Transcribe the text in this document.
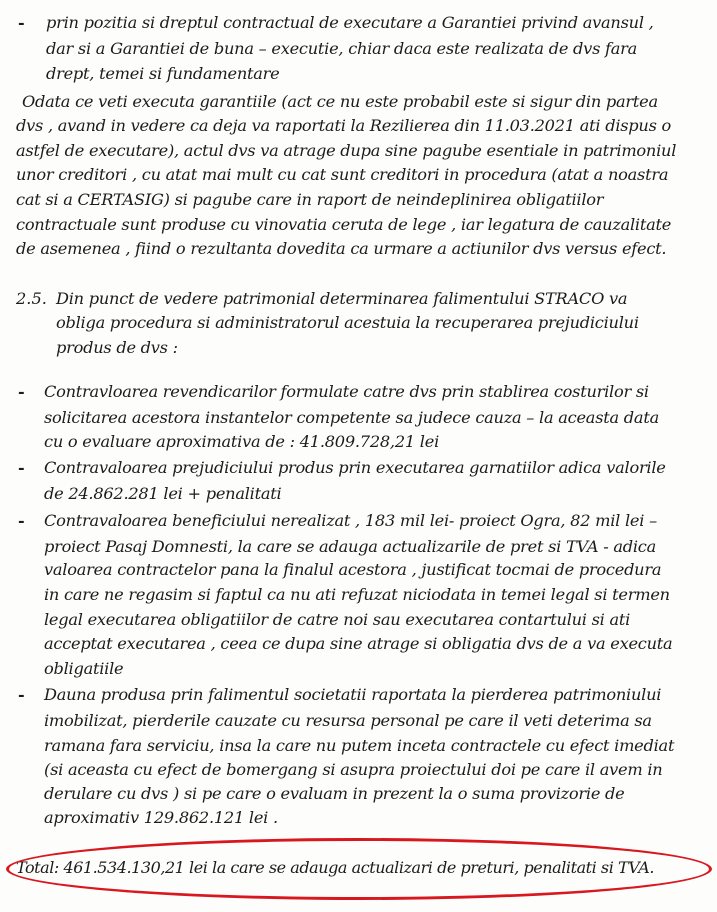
-
-
-
-
-
prin pozitia si dreptul contractual de executare a Garantiei privind avansul ,
dar si a Garantiei de buna – executie, chiar daca este realizata de dvs fara
drept, temei si fundamentare
Odata ce veti executa garantiile (act ce nu este probabil este si sigur din partea
dvs , avand in vedere ca deja va raportati la Rezilierea din 11.03.2021 ati dispus o
astfel de executare), actul dvs va atrage dupa sine pagube esentiale in patrimoniul
unor creditori , cu atat mai mult cu cat sunt creditori in procedura (atat a noastra
cat si a CERTASIG) si pagube care in raport de neindeplinirea obligatiilor
contractuale sunt produse cu vinovatia ceruta de lege , iar legatura de cauzalitate
de asemenea , fiind o rezultanta dovedita ca urmare a actiunilor dvs versus efect.
2.5. Din punct de vedere patrimonial determinarea falimentului STRACO va
obliga procedura si administratorul acestuia la recuperarea prejudiciului
produs de dvs :
Contravloarea revendicarilor formulate catre dvs prin stablirea costurilor si
solicitarea acestora instantelor competente sa judece cauza – la aceasta data
cu o evaluare aproximativa de : 41.809.728,21 lei
Contravaloarea prejudiciului produs prin executarea garnatiilor adica valorile
de 24.862.281 lei + penalitati
Contravaloarea beneficiului nerealizat , 183 mil lei- proiect Ogra, 82 mil lei –
proiect Pasaj Domnesti, la care se adauga actualizarile de pret si TVA - adica
valoarea contractelor pana la finalul acestora , justificat tocmai de procedura
in care ne regasim si faptul ca nu ati refuzat niciodata in temei legal si termen
legal executarea obligatiilor de catre noi sau executarea contartului si ati
acceptat executarea , ceea ce dupa sine atrage si obligatia dvs de a va executa
obligatiile
Dauna produsa prin falimentul societatii raportata la pierderea patrimoniului
imobilizat, pierderile cauzate cu resursa personal pe care il veti deterima sa
ramana fara serviciu, insa la care nu putem inceta contractele cu efect imediat
(si aceasta cu efect de bomergang si asupra proiectului doi pe care il avem in
derulare cu dvs ) si pe care o evaluam in prezent la o suma provizorie de
aproximativ 129.862.121 lei .
Total: 461.534.130,21 lei la care se adauga actualizari de preturi, penalitati si TVA.
